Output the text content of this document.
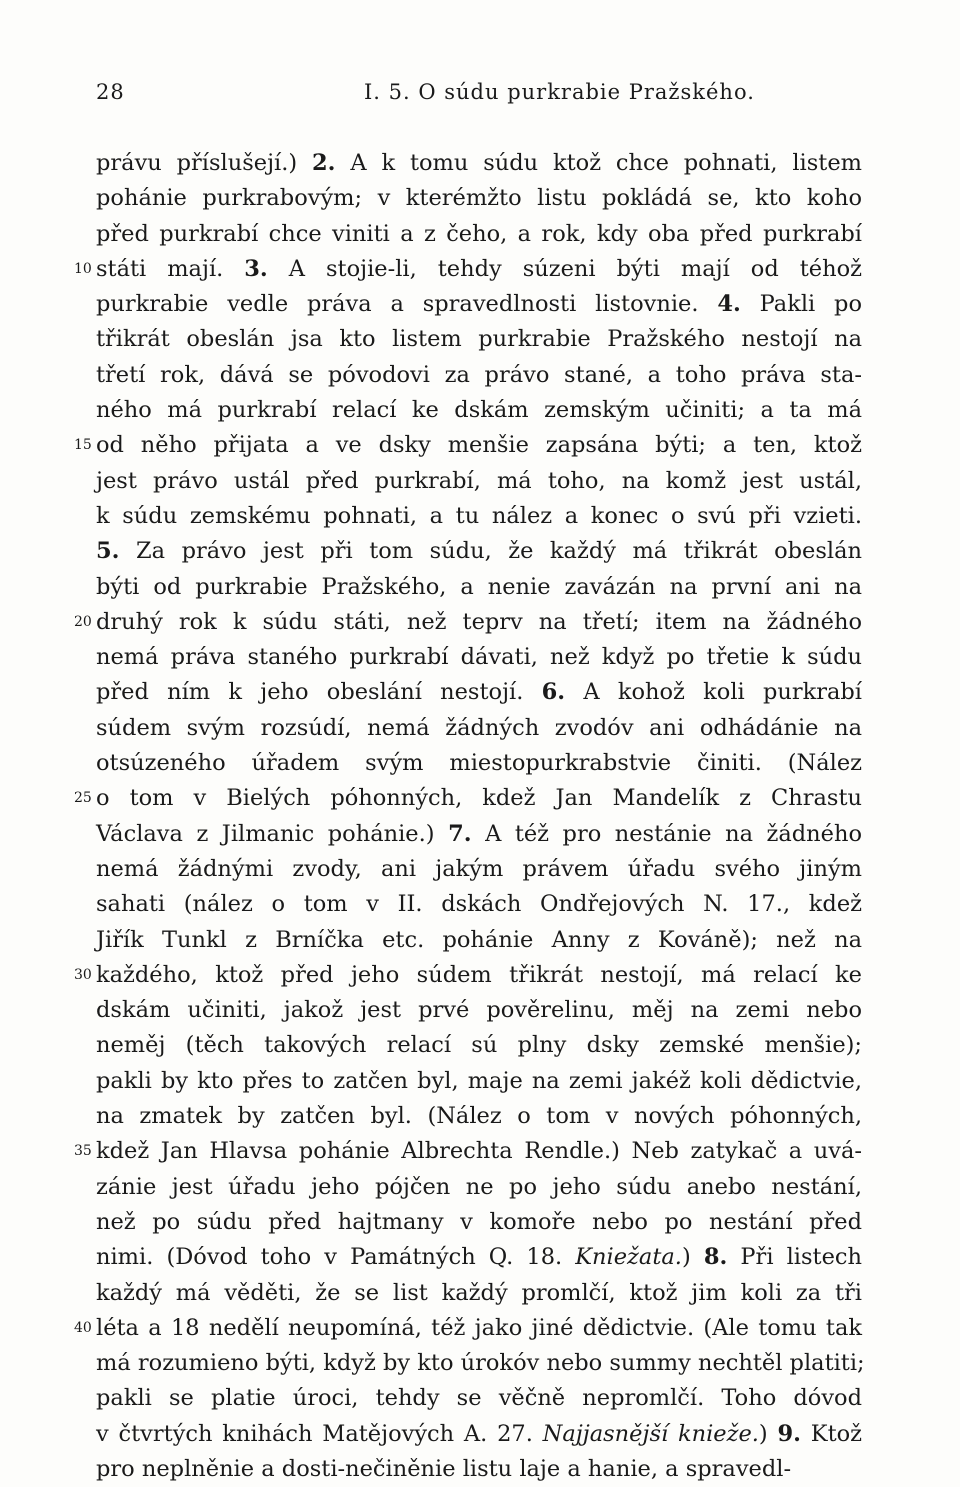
28	I. 5. O súdu purkrabie Pražského.
právu příslušejí.) 2. A k tomu súdu ktož chce pohnati, listem
pohánie purkrabovým; v kterémžto listu pokládá se, kto koho
před purkrabí chce viniti a z čeho, a rok, kdy oba před purkrabí
10 státi mají. 3. A stojie-li, tehdy súzeni býti mají od téhož
purkrabie vedle práva a spravedlnosti listovnie. 4. Pakli po
třikrát obeslán jsa kto listem purkrabie Pražského nestojí na
třetí rok, dává se póvodovi za právo stané, a toho práva sta-
ného má purkrabí relací ke dskám zemským učiniti; a ta má
15 od něho přijata a ve dsky menšie zapsána býti; a ten, ktož
jest právo ustál před purkrabí, má toho, na komž jest ustál,
k súdu zemskému pohnati, a tu nález a konec o svú při vzieti.
5. Za právo jest při tom súdu, že každý má třikrát obeslán
býti od purkrabie Pražského, a nenie zavázán na první ani na
20 druhý rok k súdu státi, než teprv na třetí; item na žádného
nemá práva staného purkrabí dávati, než když po třetie k súdu
před ním k jeho obeslání nestojí. 6. A kohož koli purkrabí
súdem svým rozsúdí, nemá žádných zvodóv ani odhádánie na
otsúzeného úřadem svým miestopurkrabstvie činiti. (Nález
25 o tom v Bielých póhonných, kdež Jan Mandelík z Chrastu
Václava z Jilmanic pohánie.) 7. A též pro nestánie na žádného
nemá žádnými zvody, ani jakým právem úřadu svého jiným
sahati (nález o tom v II. dskách Ondřejových N. 17., kdež
Jiřík Tunkl z Brníčka etc. pohánie Anny z Kováně); než na
30 každého, ktož před jeho súdem třikrát nestojí, má relací ke
dskám učiniti, jakož jest prvé pověrelinu, měj na zemi nebo
neměj (těch takových relací sú plny dsky zemské menšie);
pakli by kto přes to zatčen byl, maje na zemi jakéž koli dědictvie,
na zmatek by zatčen byl. (Nález o tom v nových póhonných,
35 kdež Jan Hlavsa pohánie Albrechta Rendle.) Neb zatykač a uvá-
zánie jest úřadu jeho pójčen ne po jeho súdu anebo nestání,
než po súdu před hajtmany v komoře nebo po nestání před
nimi. (Dóvod toho v Památných Q. 18. Kniežata.) 8. Při listech
každý má věděti, že se list každý promlčí, ktož jim koli za tři
40 léta a 18 nedělí neupomíná, též jako jiné dědictvie. (Ale tomu tak
má rozumieno býti, když by kto úrokóv nebo summy nechtěl platiti;
pakli se platie úroci, tehdy se věčně nepromlčí. Toho dóvod
v čtvrtých knihách Matějových A. 27. Najjasnější knieže.) 9. Ktož
pro neplněnie a dosti-nečiněnie listu laje a hanie, a spravedl-
